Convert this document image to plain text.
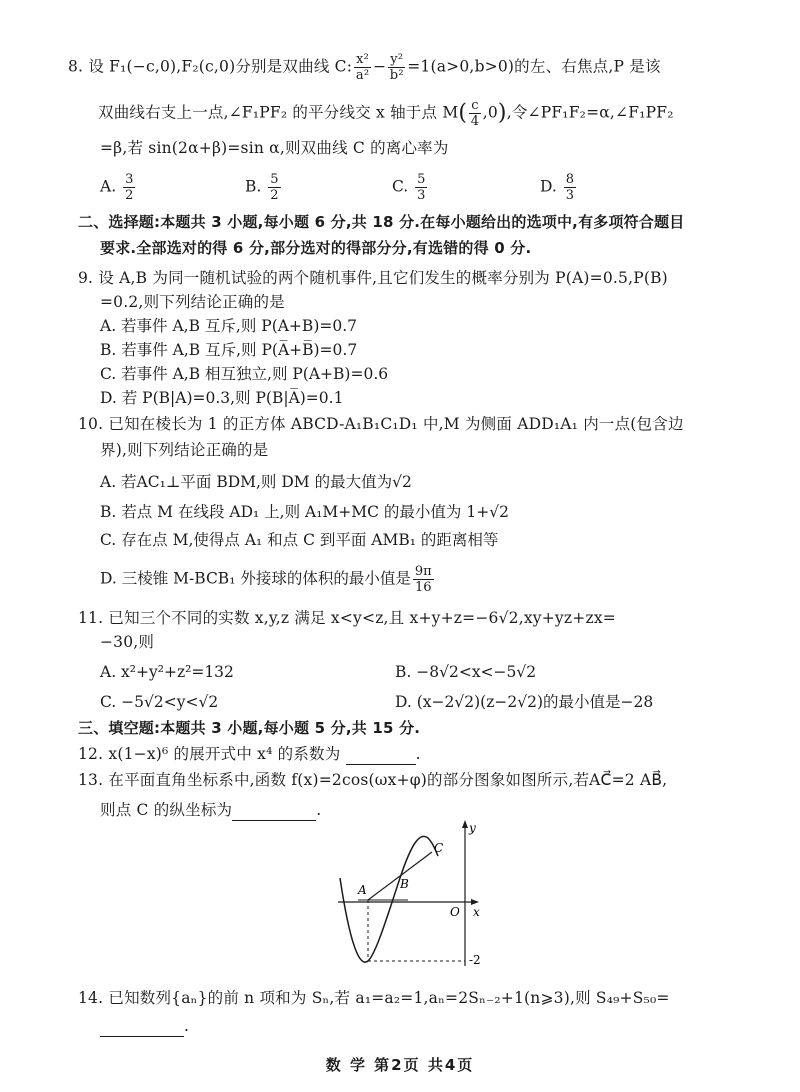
8. 设 F₁(−c,0),F₂(c,0)分别是双曲线 C: $\frac{\text{x²}}{\text{a²}} - \frac{\text{y²}}{\text{b²}} =1(a>0,b>0)$的左、右焦点,P 是该
双曲线右支上一点,∠F₁PF₂ 的平分线交 x 轴于点 $M( \frac{c}{4} ,0)$,令∠PF₁F₂=α,∠F₁PF₂
=β,若 sin(2α+β)=sin α,则双曲线 C 的离心率为
A. $\frac{3}{2}$	B. $\frac{5}{2}$	C. $\frac{5}{3}$	D. $\frac{8}{3}$
二、选择题:本题共 3 小题,每小题 6 分,共 18 分.在每小题给出的选项中,有多项符合题目
要求.全部选对的得 6 分,部分选对的得部分分,有选错的得 0 分.
9. 设 A,B 为同一随机试验的两个随机事件,且它们发生的概率分别为 P(A)=0.5,P(B)
=0.2,则下列结论正确的是
A. 若事件 A,B 互斥,则 P(A+B)=0.7
B. 若事件 A,B 互斥,则 P(A̅+B̅)=0.7
C. 若事件 A,B 相互独立,则 P(A+B)=0.6
D. 若 P(B|A)=0.3,则 P(B|A̅)=0.1
10. 已知在棱长为 1 的正方体 ABCD-A₁B₁C₁D₁ 中,M 为侧面 ADD₁A₁ 内一点(包含边
界),则下列结论正确的是
A. 若AC₁⊥平面 BDM,则 DM 的最大值为√2
B. 若点 M 在线段 AD₁ 上,则 A₁M+MC 的最小值为 1+√2
C. 存在点 M,使得点 A₁ 和点 C 到平面 AMB₁ 的距离相等
D. 三棱锥 M-BCB₁ 外接球的体积的最小值是 $\frac{9\pi}{16}$
11. 已知三个不同的实数 x,y,z 满足 x<y<z,且 x+y+z=−6√2,xy+yz+zx=
−30,则
A. x²+y²+z²=132	B. −8√2<x<−5√2
C. −5√2<y<√2	D. (x−2√2)(z−2√2)的最小值是−28
三、填空题:本题共 3 小题,每小题 5 分,共 15 分.
12. x(1−x)⁶ 的展开式中 x⁴ 的系数为	.
13. 在平面直角坐标系中,函数 f(x)=2cos(ωx+φ)的部分图象如图所示,若AC⃗=2 AB⃗,
则点 C 的纵坐标为	.
A	B
C
y
x
O
-2
14. 已知数列{aₙ}的前 n 项和为 Sₙ,若 a₁=a₂=1,aₙ=2Sₙ₋₂+1(n⩾3),则 S₄₉+S₅₀=
.
数 学 第2页 共4页
